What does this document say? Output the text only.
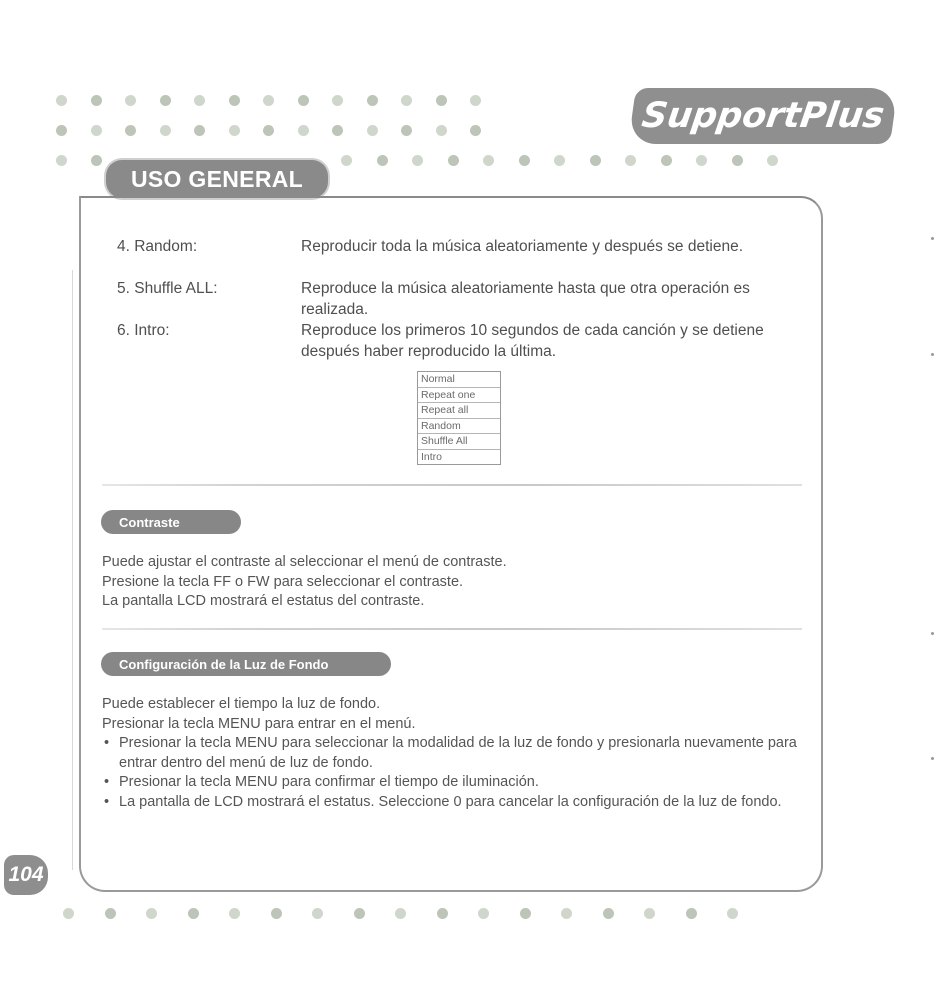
SupportPlus
USO GENERAL
4. Random:	Reproducir toda la música aleatoriamente y después se detiene.
5. Shuffle ALL:	Reproduce la música aleatoriamente hasta que otra operación es realizada.
6. Intro:	Reproduce los primeros 10 segundos de cada canción y se detiene después haber reproducido la última.
Normal
Repeat one
Repeat all
Random
Shuffle All
Intro
Contraste
Puede ajustar el contraste al seleccionar el menú de contraste.
Presione la tecla FF o FW para seleccionar el contraste.
La pantalla LCD mostrará el estatus del contraste.
Configuración de la Luz de Fondo
Puede establecer el tiempo la luz de fondo.
Presionar la tecla MENU para entrar en el menú.
• Presionar la tecla MENU para seleccionar la modalidad de la luz de fondo y presionarla nuevamente para entrar dentro del menú de luz de fondo.
• Presionar la tecla MENU para confirmar el tiempo de iluminación.
• La pantalla de LCD mostrará el estatus. Seleccione 0 para cancelar la configuración de la luz de fondo.
104
